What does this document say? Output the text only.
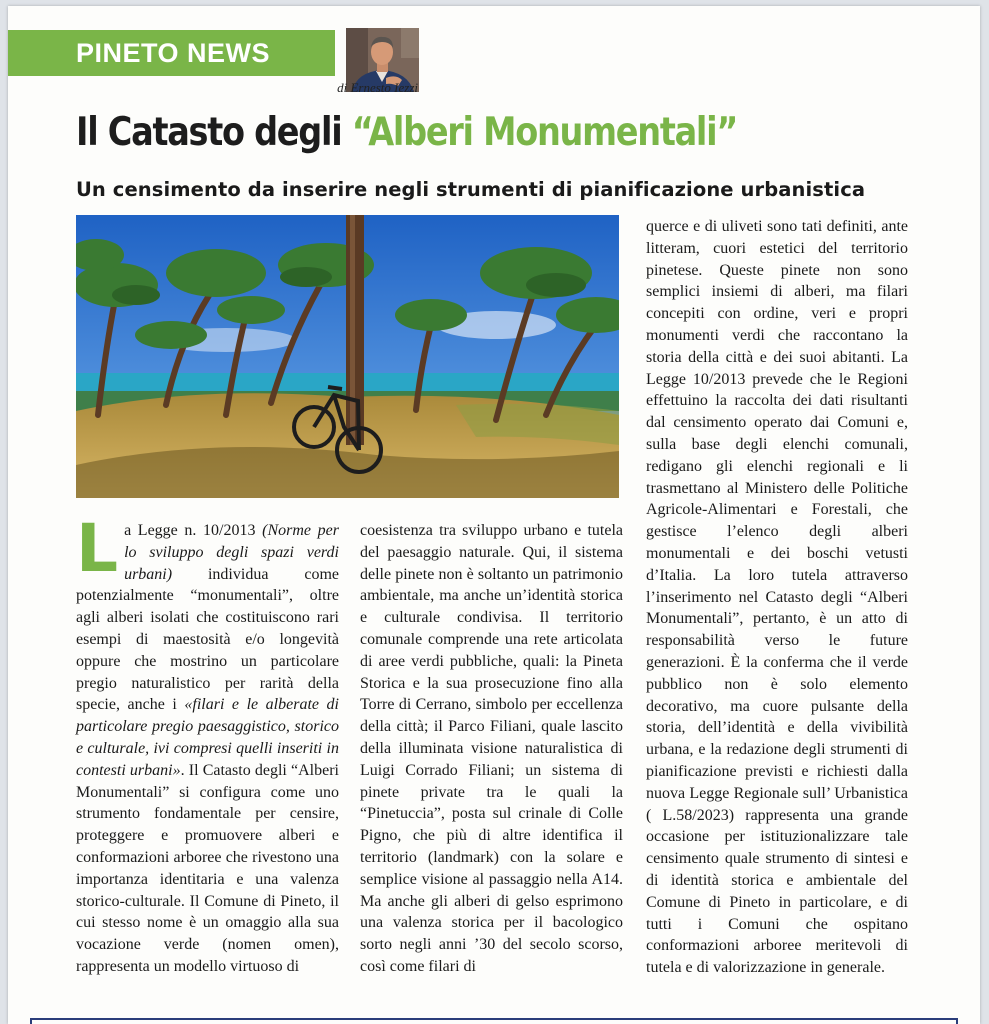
PINETO NEWS
di Ernesto Iezzi
Il Catasto degli “Alberi Monumentali”
Un censimento da inserire negli strumenti di pianificazione urbanistica

La Legge n. 10/2013 (Norme per lo sviluppo degli spazi verdi urbani) individua come potenzialmente “monumentali”, oltre agli alberi isolati che costituiscono rari esempi di maestosità e/o longevità oppure che mostrino un particolare pregio naturalistico per rarità della specie, anche i «filari e le alberate di particolare pregio paesaggistico, storico e culturale, ivi compresi quelli inseriti in contesti urbani». Il Catasto degli “Alberi Monumentali” si configura come uno strumento fondamentale per censire, proteggere e promuovere alberi e conformazioni arboree che rivestono una importanza identitaria e una valenza storico-culturale. Il Comune di Pineto, il cui stesso nome è un omaggio alla sua vocazione verde (nomen omen), rappresenta un modello virtuoso di

coesistenza tra sviluppo urbano e tutela del paesaggio naturale. Qui, il sistema delle pinete non è soltanto un patrimonio ambientale, ma anche un’identità storica e culturale condivisa. Il territorio comunale comprende una rete articolata di aree verdi pubbliche, quali: la Pineta Storica e la sua prosecuzione fino alla Torre di Cerrano, simbolo per eccellenza della città; il Parco Filiani, quale lascito della illuminata visione naturalistica di Luigi Corrado Filiani; un sistema di pinete private tra le quali la “Pinetuccia”, posta sul crinale di Colle Pigno, che più di altre identifica il territorio (landmark) con la solare e semplice visione al passaggio nella A14. Ma anche gli alberi di gelso esprimono una valenza storica per il bacologico sorto negli anni ’30 del secolo scorso, così come filari di

querce e di uliveti sono tati definiti, ante litteram, cuori estetici del territorio pinetese. Queste pinete non sono semplici insiemi di alberi, ma filari concepiti con ordine, veri e propri monumenti verdi che raccontano la storia della città e dei suoi abitanti. La Legge 10/2013 prevede che le Regioni effettuino la raccolta dei dati risultanti dal censimento operato dai Comuni e, sulla base degli elenchi comunali, redigano gli elenchi regionali e li trasmettano al Ministero delle Politiche Agricole-Alimentari e Forestali, che gestisce l’elenco degli alberi monumentali e dei boschi vetusti d’Italia. La loro tutela attraverso l’inserimento nel Catasto degli “Alberi Monumentali”, pertanto, è un atto di responsabilità verso le future generazioni. È la conferma che il verde pubblico non è solo elemento decorativo, ma cuore pulsante della storia, dell’identità e della vivibilità urbana, e la redazione degli strumenti di pianificazione previsti e richiesti dalla nuova Legge Regionale sull’ Urbanistica ( L.58/2023) rappresenta una grande occasione per istituzionalizzare tale censimento quale strumento di sintesi e di identità storica e ambientale del Comune di Pineto in particolare, e di tutti i Comuni che ospitano conformazioni arboree meritevoli di tutela e di valorizzazione in generale.
